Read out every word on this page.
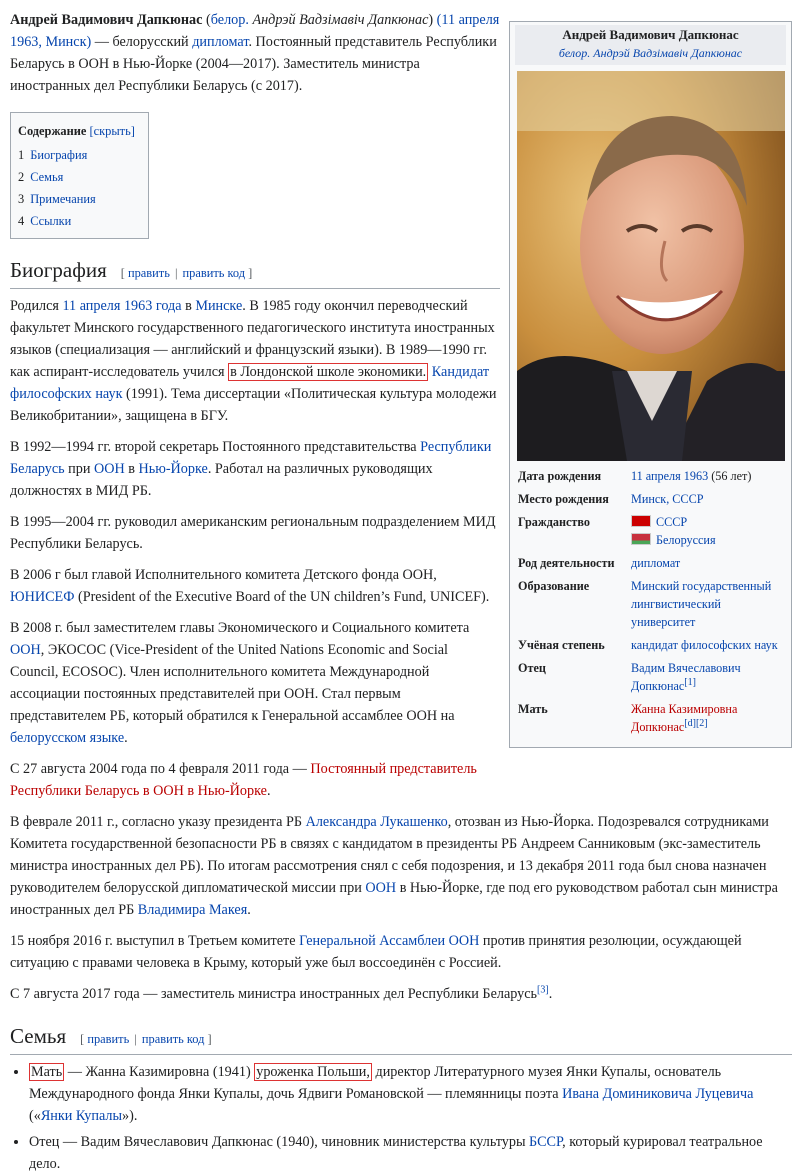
Андрей Вадимович Дапкюнас
белор. Андрэй Вадзімавіч Дапкюнас
Дата рождения	11 апреля 1963 (56 лет)
Место рождения	Минск, СССР
Гражданство	СССР
Белоруссия
Род деятельности	дипломат
Образование	Минский государственный лингвистический университет
Учёная степень	кандидат философских наук
Отец	Вадим Вячеславович Допкюнас[1]
Мать	Жанна Казимировна Допкюнас[d][2]

Андрей Вадимович Дапкюнас (белор. Андрэй Вадзімавіч Дапкюнас) (11 апреля 1963, Минск) — белорусский дипломат. Постоянный представитель Республики Беларусь в ООН в Нью-Йорке (2004—2017). Заместитель министра иностранных дел Республики Беларусь (с 2017).

Содержание [скрыть]
1 Биография
2 Семья
3 Примечания
4 Ссылки
Биография [ править | править код ]

Родился 11 апреля 1963 года в Минске. В 1985 году окончил переводческий факультет Минского государственного педагогического института иностранных языков (специализация — английский и французский языки). В 1989—1990 гг. как аспирант-исследователь учился в Лондонской школе экономики. Кандидат философских наук (1991). Тема диссертации «Политическая культура молодежи Великобритании», защищена в БГУ.

В 1992—1994 гг. второй секретарь Постоянного представительства Республики Беларусь при ООН в Нью-Йорке. Работал на различных руководящих должностях в МИД РБ.

В 1995—2004 гг. руководил американским региональным подразделением МИД Республики Беларусь.

В 2006 г был главой Исполнительного комитета Детского фонда ООН, ЮНИСЕФ (President of the Executive Board of the UN children’s Fund, UNICEF).

В 2008 г. был заместителем главы Экономического и Социального комитета ООН, ЭКОСОС (Vice-President of the United Nations Economic and Social Council, ECOSOC). Член исполнительного комитета Международной ассоциации постоянных представителей при ООН. Стал первым представителем РБ, который обратился к Генеральной ассамблее ООН на белорусском языке.

С 27 августа 2004 года по 4 февраля 2011 года — Постоянный представитель Республики Беларусь в ООН в Нью-Йорке.

В феврале 2011 г., согласно указу президента РБ Александра Лукашенко, отозван из Нью-Йорка. Подозревался сотрудниками Комитета государственной безопасности РБ в связях с кандидатом в президенты РБ Андреем Санниковым (экс-заместитель министра иностранных дел РБ). По итогам рассмотрения снял с себя подозрения, и 13 декабря 2011 года был снова назначен руководителем белорусской дипломатической миссии при ООН в Нью-Йорке, где под его руководством работал сын министра иностранных дел РБ Владимира Макея.

15 ноября 2016 г. выступил в Третьем комитете Генеральной Ассамблеи ООН против принятия резолюции, осуждающей ситуацию с правами человека в Крыму, который уже был воссоединён с Россией.

С 7 августа 2017 года — заместитель министра иностранных дел Республики Беларусь[3].

Семья [ править | править код ]
• Мать — Жанна Казимировна (1941) уроженка Польши, директор Литературного музея Янки Купалы, основатель Международного фонда Янки Купалы, дочь Ядвиги Романовской — племянницы поэта Ивана Доминиковича Луцевича («Янки Купалы»).
• Отец — Вадим Вячеславович Дапкюнас (1940), чиновник министерства культуры БССР, который курировал театральное дело.
